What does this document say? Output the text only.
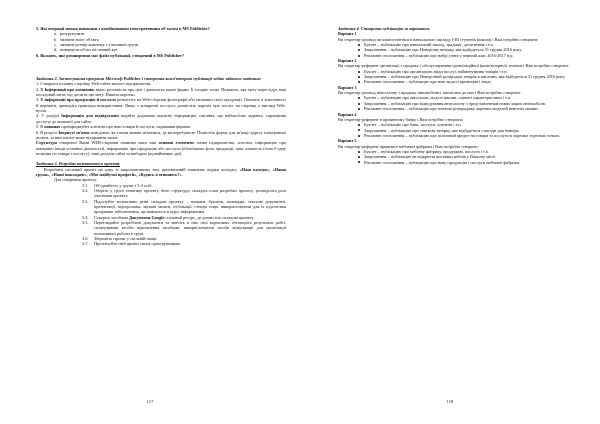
5. Які операції можна виконати з комбінованим ілюстративним об'єктом в MS Publisher?

a. розгрупувати
b. змінити зміст об'єкта
c. змінити розмір кожному з учасників групи
d. повернути об'єкт на певний кут

6. Вкажіть, яке розширення має файл публікації, створений в MS Publisher?

Завдання 2. Застосування програми Microsoft Publisher і створення комп'ютерної публікації згідно заданого завдання:

1. Створити головну сторінку Web-сайта вашого підприємства.

2. В Інформації про компанію варто розповісти про цілі і діяльність вашої фірми. Її історію тощо. Покажіть, яку мету переслідує ваш посадовий штат, що досягає цю мету. Пишіть коротко.

3. В інформації про продукцію й послуги розмістіть на Web-сторінці фотографії або малюнки своєї продукції. Опишіть її властивості й переваги, приведіть приклади використання. Якщо є конкретні послуги, розмістіть перелік цих послуг на сторінці у вигляді Web-вузла.

4. У розділі Інформація для відвідувачів надайте додаткову корисну інформацію, питання, що найчастіше задають, спрощення доступу до компанії для сайту.

5. В новинах проінформуйте клієнтів про нові товари й послуги, надавання фірмою.

6. В розділі Звернуті зв'язок повідомте, як з вами можна зв'язатися, де ви перебуваєте. Помістіть форму для зв'язку, адресу електронної пошти, за якої клієнт може відправити запит.

Структура створеної Вами WEB-сторінки повинна мати такі основні елементи: назва підприємства, логотип, інформацію про компанію (види основної діяльності), інформацію про продукцію або послуги (обов'язково фото продукції, ціна, кількість (хоча б одну позицію по товару і послугу), інші розділи сайта за вибором (щонайменше дві).

Завдання 3. Розробка колективного проекту

Розробити спільний проект на одну із запропонованих тем, присвячений знаковим подіям коледжу: «Наш коледж», «Наша група», «Наші викладачі», «Мої майбутні професії», «Кудись я огинаюсь?».

Для створення проекту:

3.1. Об'єднайтесь у групи з 3-4 осіб.
3.2. Оберіть у групі тематику проекту, його структуру, складіть план розробки проекту, розподіліть ролі учасників проекту.
3.3. Підготуйте колективно різні складові проекту – плакати, буклети, календарі, текстові документи, презентації, відеоролики, звукові записи, публікації, стенди тощо, використовуючи для їх підготовки програмне забезпечення, що вивчалось в курсі інформатики.
3.4. Створіть засобами Документи Google спільний ресурс, де розмістіть складові проекту.
3.5. Переглядайте розроблені документи та внесіть в них свої корективи, обговоріть результати робіт, спланувавши засоби відновлення засобами, використовуючи засоби комунікації для організації колективної роботи в групі.
3.6. Збережіть проект у спільній папці.
3.7. Презентуйте свій проект своїм одногрупникам.
117

Завдання 4. Створити публікацію за варіантом.

Варіант 1

Ви секретар-діловод загальноосвітнього навчального закладу I-III ступенів (школи) і Вам потрібно створити:

Буклет – публікацію про навчальний заклад, традиції, досягнення і т.п.
Запрошення – публікацію про Новорічну вечірку, яка відбудеться 31 грудня 2016 року.
Рекламне оголошення – публікацію про набір учнів у перший клас 2016-2017 н.р.

Варіант 2

Ви секретар-референт організації з продажу і обслуговування організаційної (комп'ютерної) техніки і Вам потрібно створити:

Буклет – публікацію про організацію, види послуг, найменування товарів і т.п.
Запрошення – публікацію про Новорічний розпродаж товарів в магазині, яка відбудеться 31 грудня 2016 року.
Рекламне оголошення – публікацію про нові моделі принтерів і знаді.

Варіант 3

Ви секретар-діловод автосалону з продажу автомобілів і запчастин до них і Вам потрібно створити:

Буклет – публікацію про автосалон, моделі машин, оцінені характеристики і т.п.
Запрошення – публікацію про відвідування автосалону з представленням нових марок автомобілів.
Рекламне оголошення – публікацію про початок розпродажу окремих моделей новітніх машин.

Варіант 4

Ви секретар-референт в приватному банку і Вам потрібно створити:

Буклет – публікацію про банк, послуги, клієнтів і т.п.
Запрошення – публікацію про святкову вечірку, яка відбудеться з нагоди дня банкіра.
Рекламне оголошення – публікацію про пільговий кредит на товари та послуги в окремих торгових точках.

Варіант 5

Ви секретар-референт приватної меблевої фабрики і Вам потрібно створити:

Буклет – публікацію про меблеву фабрику, продукцію, послуги і т.п.
Запрошення – публікацію на відкриття виставки меблів у Вашому місті.
Рекламне оголошення – публікацію про нову продукцію і послуги меблевої фабрики.
118
